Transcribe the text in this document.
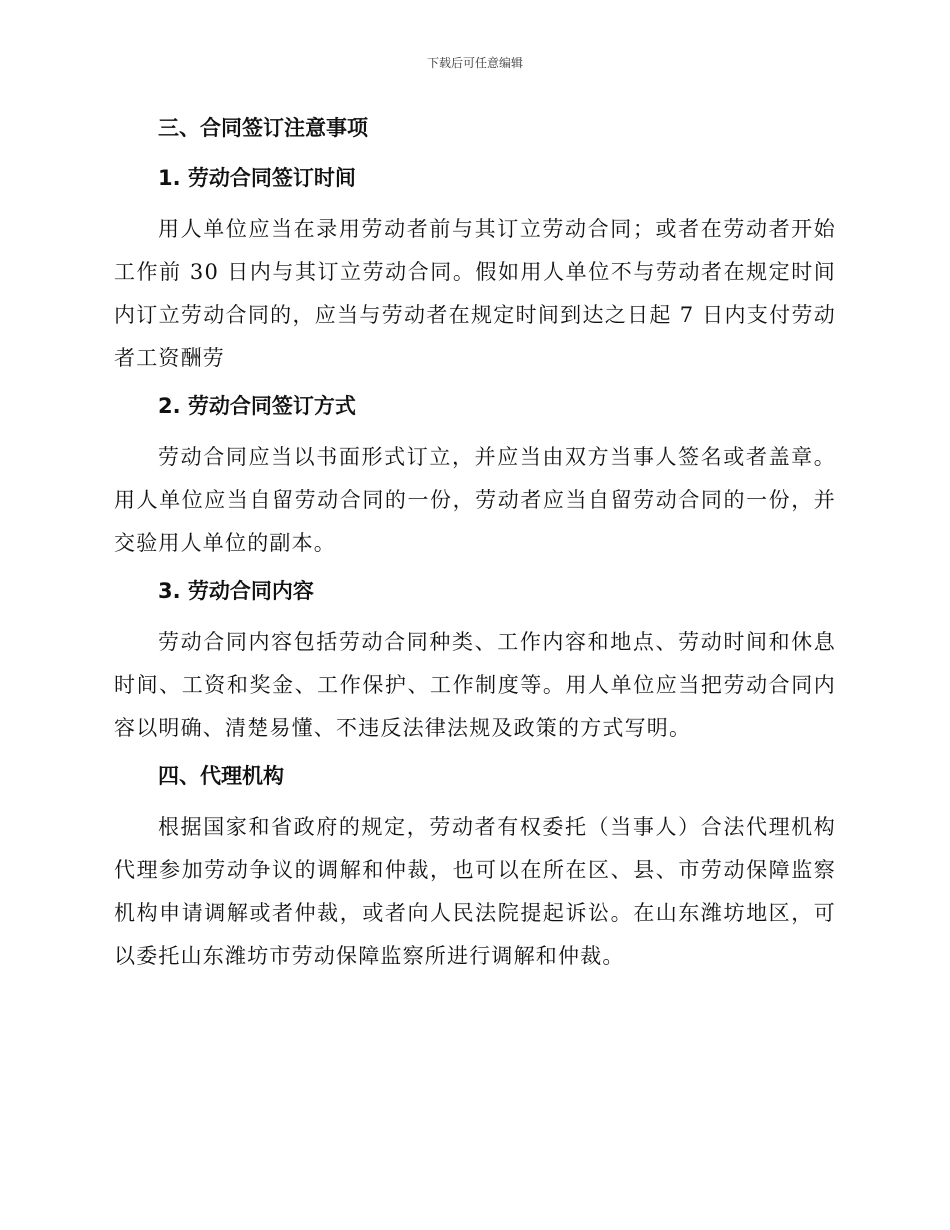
下载后可任意编辑
三、合同签订注意事项
1. 劳动合同签订时间

用人单位应当在录用劳动者前与其订立劳动合同；或者在劳动者开始工作前 30 日内与其订立劳动合同。假如用人单位不与劳动者在规定时间内订立劳动合同的，应当与劳动者在规定时间到达之日起 7 日内支付劳动者工资酬劳

2. 劳动合同签订方式

劳动合同应当以书面形式订立，并应当由双方当事人签名或者盖章。用人单位应当自留劳动合同的一份，劳动者应当自留劳动合同的一份，并交验用人单位的副本。

3. 劳动合同内容

劳动合同内容包括劳动合同种类、工作内容和地点、劳动时间和休息时间、工资和奖金、工作保护、工作制度等。用人单位应当把劳动合同内容以明确、清楚易懂、不违反法律法规及政策的方式写明。

四、代理机构

根据国家和省政府的规定，劳动者有权委托（当事人）合法代理机构代理参加劳动争议的调解和仲裁，也可以在所在区、县、市劳动保障监察机构申请调解或者仲裁，或者向人民法院提起诉讼。在山东潍坊地区，可以委托山东潍坊市劳动保障监察所进行调解和仲裁。
